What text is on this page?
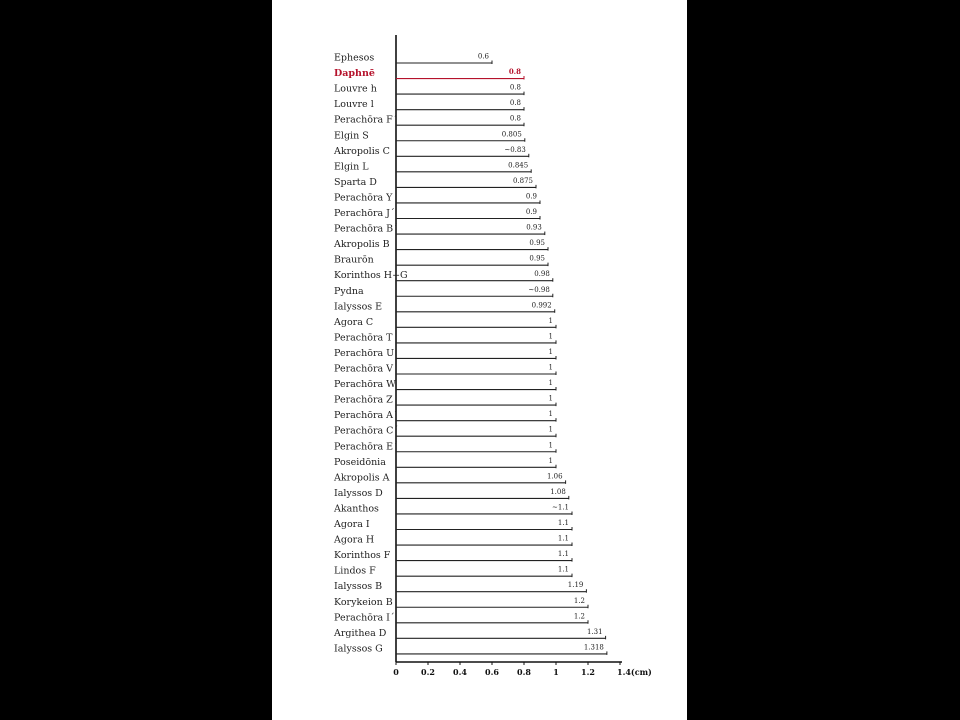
Ephesos	0.6
Daphnē	0.8
Louvre h	0.8
Louvre l	0.8
Perachōra F´	0.8
Elgin S	0.805
Akropolis C	~0.83
Elgin L	0.845
Sparta D	0.875
Perachōra Y	0.9
Perachōra J´	0.9
Perachōra B´	0.93
Akropolis B	0.95
Braurōn	0.95
Korinthos H+G	0.98
Pydna	~0.98
Ialyssos E	0.992
Agora C	1
Perachōra T	1
Perachōra U	1
Perachōra V	1
Perachōra W	1
Perachōra Z	1
Perachōra A´	1
Perachōra C´	1
Perachōra E´	1
Poseidōnia	1
Akropolis A	1.06
Ialyssos D	1.08
Akanthos	~1.1
Agora I	1.1
Agora H	1.1
Korinthos F	1.1
Lindos F	1.1
Ialyssos B	1.19
Korykeion B	1.2
Perachōra I´	1.2
Argithea D	1.31
Ialyssos G	1.318
0	0.2 0.4 0.6 0.8	1	1.2	1.4(cm)
